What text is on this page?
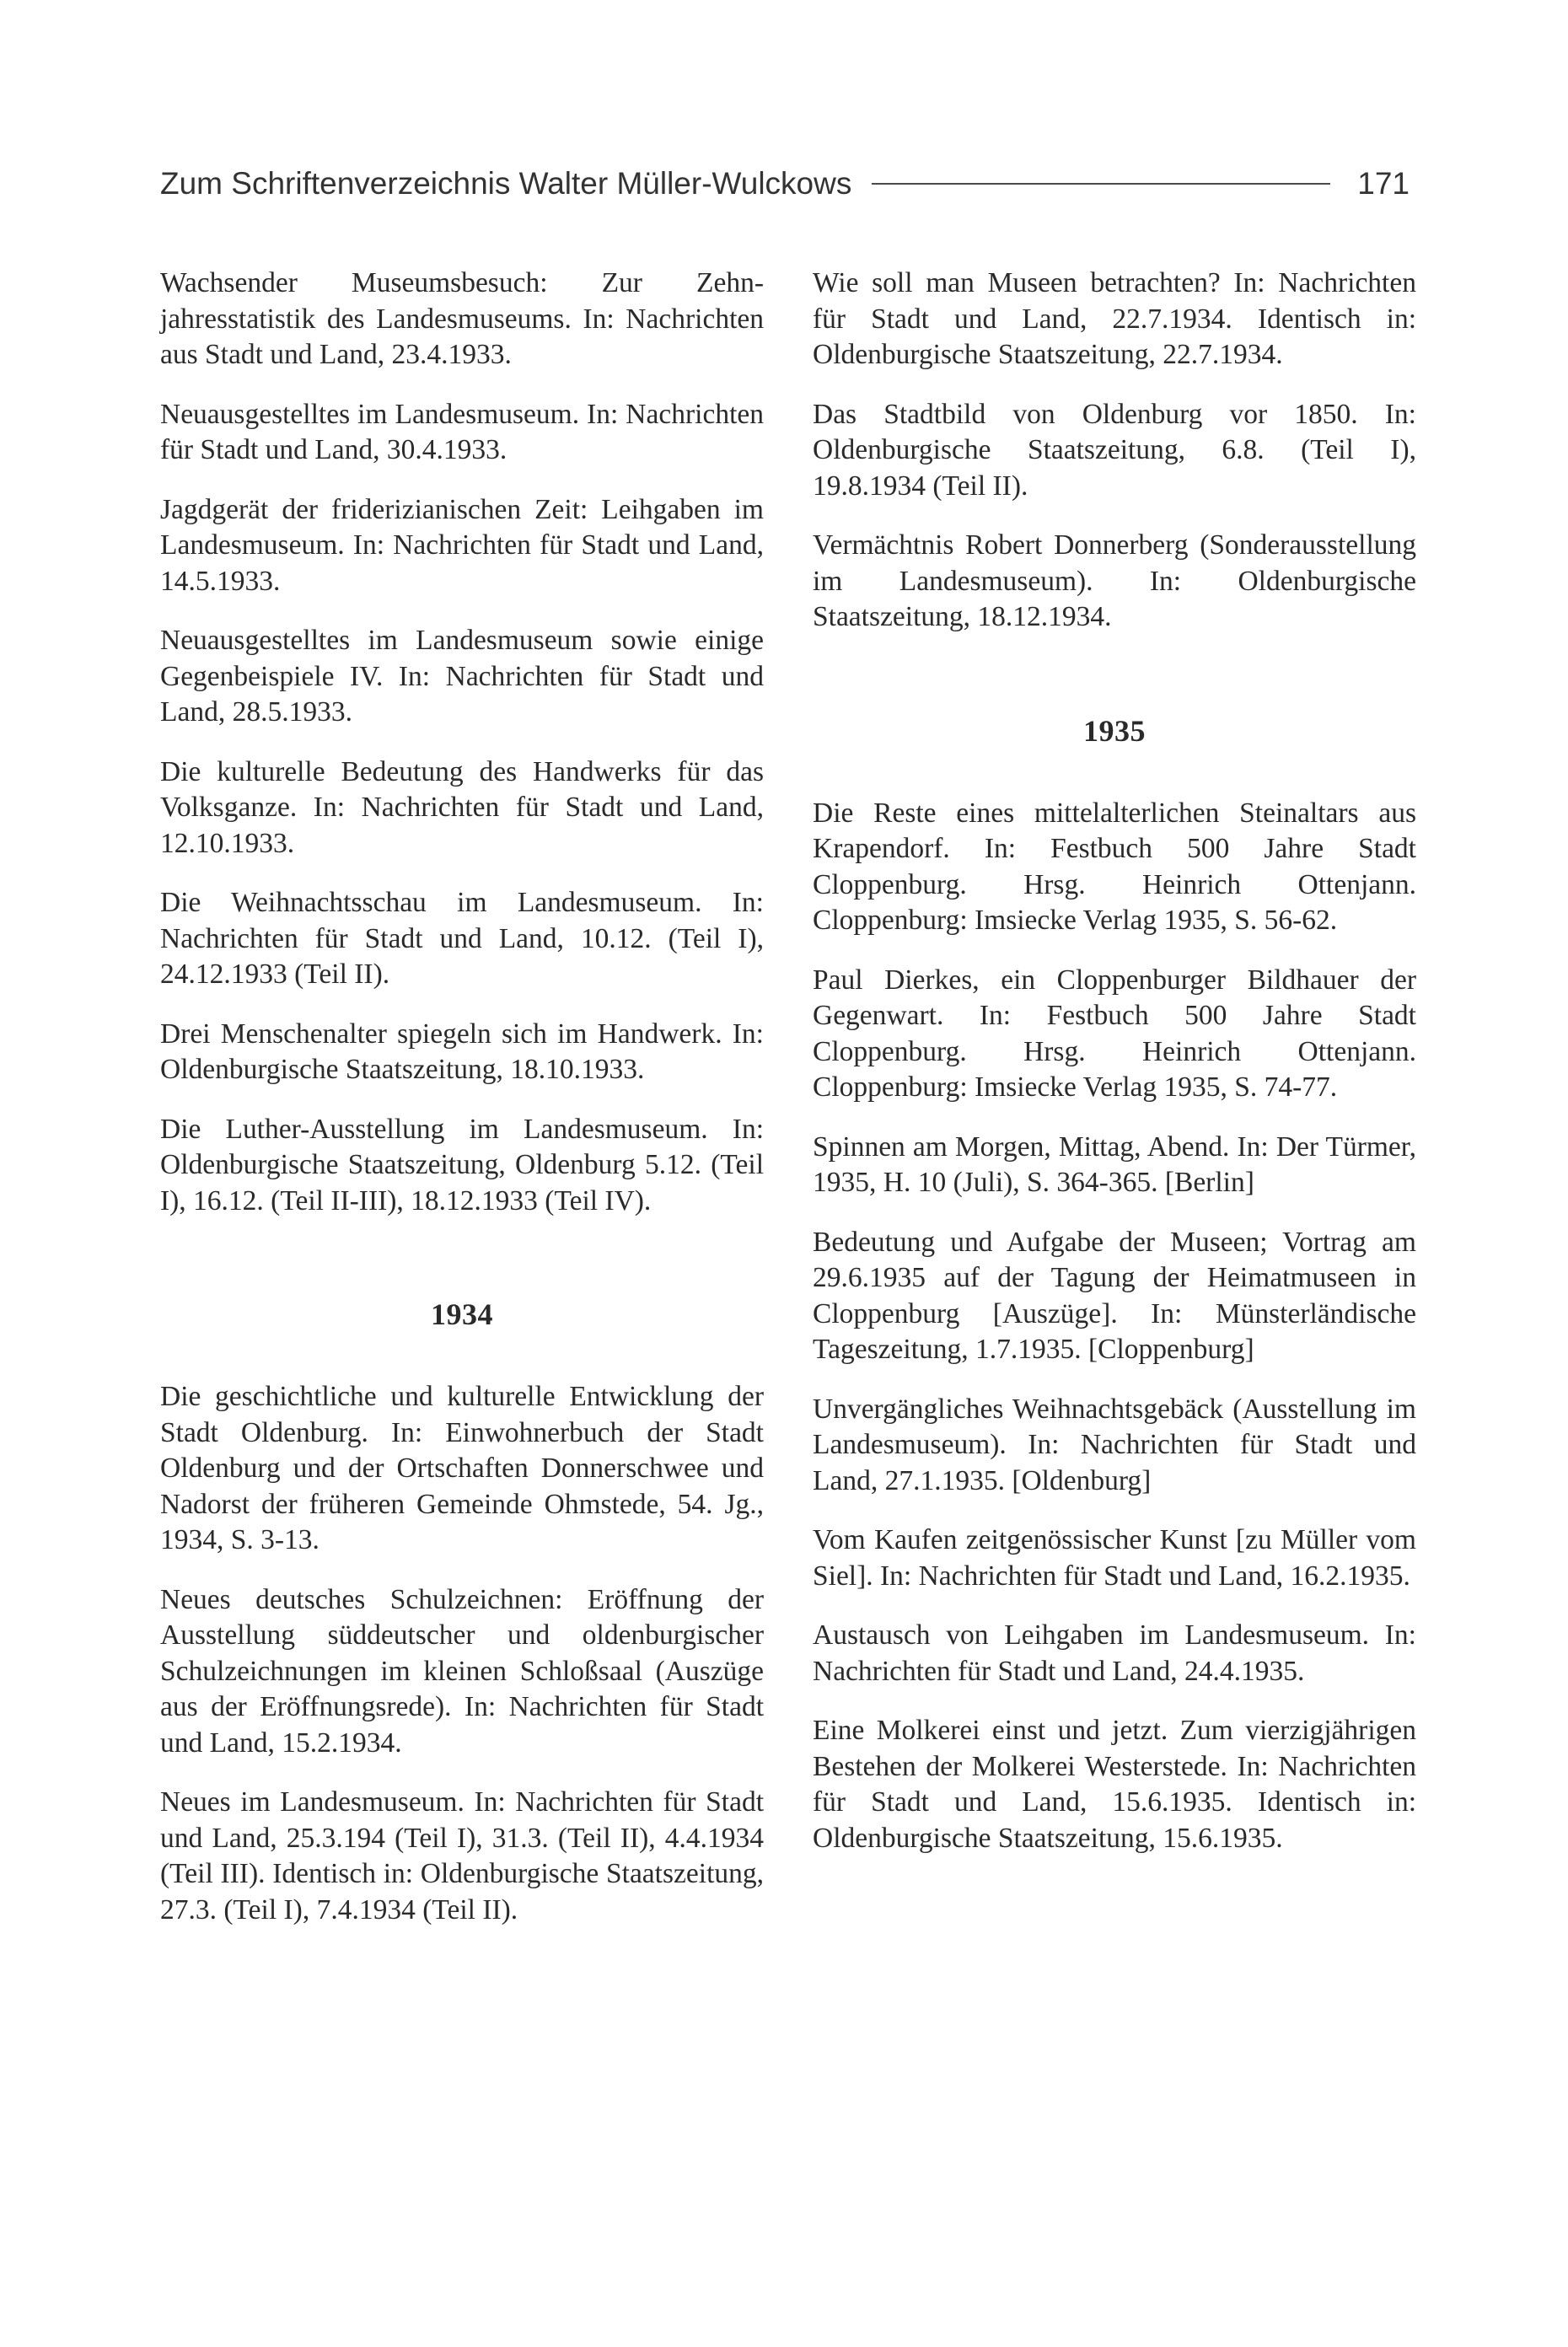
Zum Schriftenverzeichnis Walter Müller-Wulckows	171

Wachsender Museumsbesuch: Zur Zehnjahresstatistik des Landesmuseums. In: Nachrichten aus Stadt und Land, 23.4.1933.

Neuausgestelltes im Landesmuseum. In: Nachrichten für Stadt und Land, 30.4.1933.

Jagdgerät der friderizianischen Zeit: Leihgaben im Landesmuseum. In: Nachrichten für Stadt und Land, 14.5.1933.

Neuausgestelltes im Landesmuseum sowie einige Gegenbeispiele IV. In: Nachrichten für Stadt und Land, 28.5.1933.

Die kulturelle Bedeutung des Handwerks für das Volksganze. In: Nachrichten für Stadt und Land, 12.10.1933.

Die Weihnachtsschau im Landesmuseum. In: Nachrichten für Stadt und Land, 10.12. (Teil I), 24.12.1933 (Teil II).

Drei Menschenalter spiegeln sich im Handwerk. In: Oldenburgische Staatszeitung, 18.10.1933.

Die Luther-Ausstellung im Landesmuseum. In: Oldenburgische Staatszeitung, Oldenburg 5.12. (Teil I), 16.12. (Teil II-III), 18.12.1933 (Teil IV).

1934

Die geschichtliche und kulturelle Entwicklung der Stadt Oldenburg. In: Einwohnerbuch der Stadt Oldenburg und der Ortschaften Donnerschwee und Nadorst der früheren Gemeinde Ohmstede, 54. Jg., 1934, S. 3-13.

Neues deutsches Schulzeichnen: Eröffnung der Ausstellung süddeutscher und oldenburgischer Schulzeichnungen im kleinen Schloßsaal (Auszüge aus der Eröffnungsrede). In: Nachrichten für Stadt und Land, 15.2.1934.

Neues im Landesmuseum. In: Nachrichten für Stadt und Land, 25.3.194 (Teil I), 31.3. (Teil II), 4.4.1934 (Teil III). Identisch in: Oldenburgische Staatszeitung, 27.3. (Teil I), 7.4.1934 (Teil II).

Wie soll man Museen betrachten? In: Nachrichten für Stadt und Land, 22.7.1934. Identisch in: Oldenburgische Staatszeitung, 22.7.1934.

Das Stadtbild von Oldenburg vor 1850. In: Oldenburgische Staatszeitung, 6.8. (Teil I), 19.8.1934 (Teil II).

Vermächtnis Robert Donnerberg (Sonderausstellung im Landesmuseum). In: Oldenburgische Staatszeitung, 18.12.1934.

1935

Die Reste eines mittelalterlichen Steinaltars aus Krapendorf. In: Festbuch 500 Jahre Stadt Cloppenburg. Hrsg. Heinrich Ottenjann. Cloppenburg: Imsiecke Verlag 1935, S. 56-62.

Paul Dierkes, ein Cloppenburger Bildhauer der Gegenwart. In: Festbuch 500 Jahre Stadt Cloppenburg. Hrsg. Heinrich Ottenjann. Cloppenburg: Imsiecke Verlag 1935, S. 74-77.

Spinnen am Morgen, Mittag, Abend. In: Der Türmer, 1935, H. 10 (Juli), S. 364-365. [Berlin]

Bedeutung und Aufgabe der Museen; Vortrag am 29.6.1935 auf der Tagung der Heimatmuseen in Cloppenburg [Auszüge]. In: Münsterländische Tageszeitung, 1.7.1935. [Cloppenburg]

Unvergängliches Weihnachtsgebäck (Ausstellung im Landesmuseum). In: Nachrichten für Stadt und Land, 27.1.1935. [Oldenburg]

Vom Kaufen zeitgenössischer Kunst [zu Müller vom Siel]. In: Nachrichten für Stadt und Land, 16.2.1935.

Austausch von Leihgaben im Landesmuseum. In: Nachrichten für Stadt und Land, 24.4.1935.

Eine Molkerei einst und jetzt. Zum vierzigjährigen Bestehen der Molkerei Westerstede. In: Nachrichten für Stadt und Land, 15.6.1935. Identisch in: Oldenburgische Staatszeitung, 15.6.1935.
